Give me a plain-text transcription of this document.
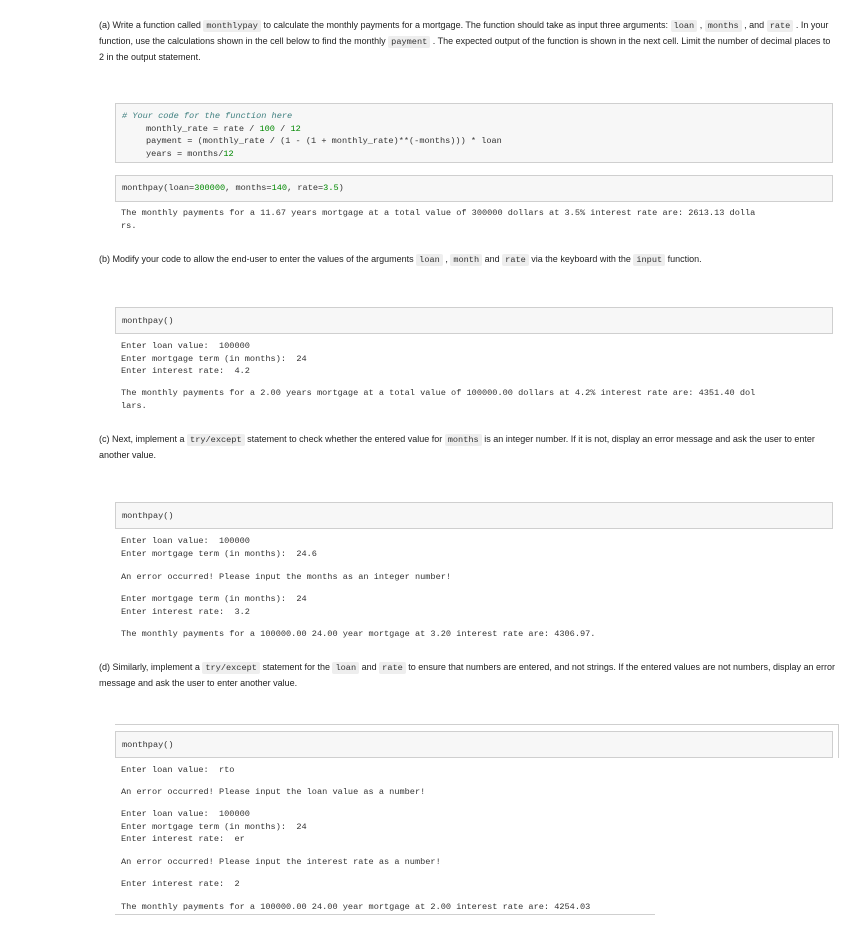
(a) Write a function called monthlypay to calculate the monthly payments for a mortgage. The function should take as input three arguments: loan , months , and rate . In your function, use the calculations shown in the cell below to find the monthly payment . The expected output of the function is shown in the next cell. Limit the number of decimal places to 2 in the output statement.
# Your code for the function here
monthly_rate = rate / 100 / 12
payment = (monthly_rate / (1 - (1 + monthly_rate)**(-months))) * loan
years = months/12
monthpay(loan=300000, months=140, rate=3.5)
The monthly payments for a 11.67 years mortgage at a total value of 300000 dollars at 3.5% interest rate are: 2613.13 dolla
rs.
(b) Modify your code to allow the end-user to enter the values of the arguments loan , month and rate via the keyboard with the input function.
monthpay()
Enter loan value:  100000
Enter mortgage term (in months):  24
Enter interest rate:  4.2
The monthly payments for a 2.00 years mortgage at a total value of 100000.00 dollars at 4.2% interest rate are: 4351.40 dol
lars.
(c) Next, implement a try/except statement to check whether the entered value for months is an integer number. If it is not, display an error message and ask the user to enter another value.
monthpay()
Enter loan value:  100000
Enter mortgage term (in months):  24.6
An error occurred! Please input the months as an integer number!
Enter mortgage term (in months):  24
Enter interest rate:  3.2
The monthly payments for a 100000.00 24.00 year mortgage at 3.20 interest rate are: 4306.97.
(d) Similarly, implement a try/except statement for the loan and rate to ensure that numbers are entered, and not strings. If the entered values are not numbers, display an error message and ask the user to enter another value.
monthpay()
Enter loan value:  rto
An error occurred! Please input the loan value as a number!
Enter loan value:  100000
Enter mortgage term (in months):  24
Enter interest rate:  er
An error occurred! Please input the interest rate as a number!
Enter interest rate:  2
The monthly payments for a 100000.00 24.00 year mortgage at 2.00 interest rate are: 4254.03
